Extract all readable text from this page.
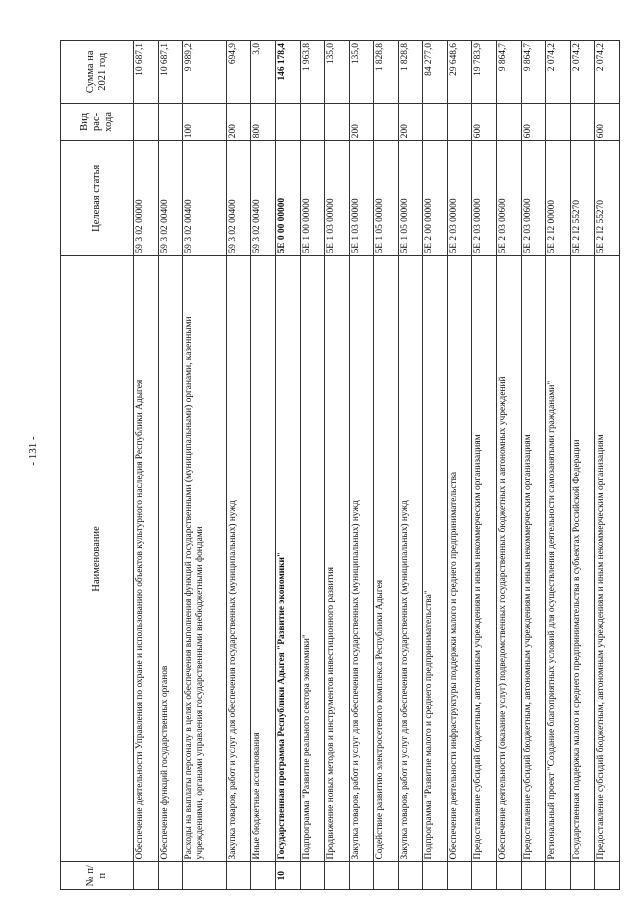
- 131 -
№ п/п	Наименование	Целевая статья	Вид рас-хода	Сумма на 2021 год
	Обеспечение деятельности Управления по охране и использованию объектов культурного наследия Республики Адыгея	59 3 02 00000		10 687,1
	Обеспечение функций государственных органов	59 3 02 00400		10 687,1
	Расходы на выплаты персоналу в целях обеспечения выполнения функций государственными (муниципальными) органами, казенными учреждениями, органами управления государственными внебюджетными фондами	59 3 02 00400	100	9 989,2
	Закупка товаров, работ и услуг для обеспечения государственных (муниципальных) нужд	59 3 02 00400	200	694,9
	Иные бюджетные ассигнования	59 3 02 00400	800	3,0
10	Государственная программа Республики Адыгея "Развитие экономики"	5Е 0 00 00000		146 178,4
	Подпрограмма "Развитие реального сектора экономики"	5Е 1 00 00000		1 963,8
	Продвижение новых методов и инструментов инвестиционного развития	5Е 1 03 00000		135,0
	Закупка товаров, работ и услуг для обеспечения государственных (муниципальных) нужд	5Е 1 03 00000	200	135,0
	Содействие развитию электросетевого комплекса Республики Адыгея	5Е 1 05 00000		1 828,8
	Закупка товаров, работ и услуг для обеспечения государственных (муниципальных) нужд	5Е 1 05 00000	200	1 828,8
	Подпрограмма "Развитие малого и среднего предпринимательства"	5Е 2 00 00000		84 277,0
	Обеспечение деятельности инфраструктуры поддержки малого и среднего предпринимательства	5Е 2 03 00000		29 648,6
	Предоставление субсидий бюджетным, автономным учреждениям и иным некоммерческим организациям	5Е 2 03 00000	600	19 783,9
	Обеспечение деятельности (оказание услуг) подведомственных государственных бюджетных и автономных учреждений	5Е 2 03 00600		9 864,7
	Предоставление субсидий бюджетным, автономным учреждениям и иным некоммерческим организациям	5Е 2 03 00600	600	9 864,7
	Региональный проект "Создание благоприятных условий для осуществления деятельности самозанятыми гражданами"	5Е 2 I2 00000		2 074,2
	Государственная поддержка малого и среднего предпринимательства в субъектах Российской Федерации	5Е 2 I2 55270		2 074,2
	Предоставление субсидий бюджетным, автономным учреждениям и иным некоммерческим организациям	5Е 2 I2 55270	600	2 074,2
